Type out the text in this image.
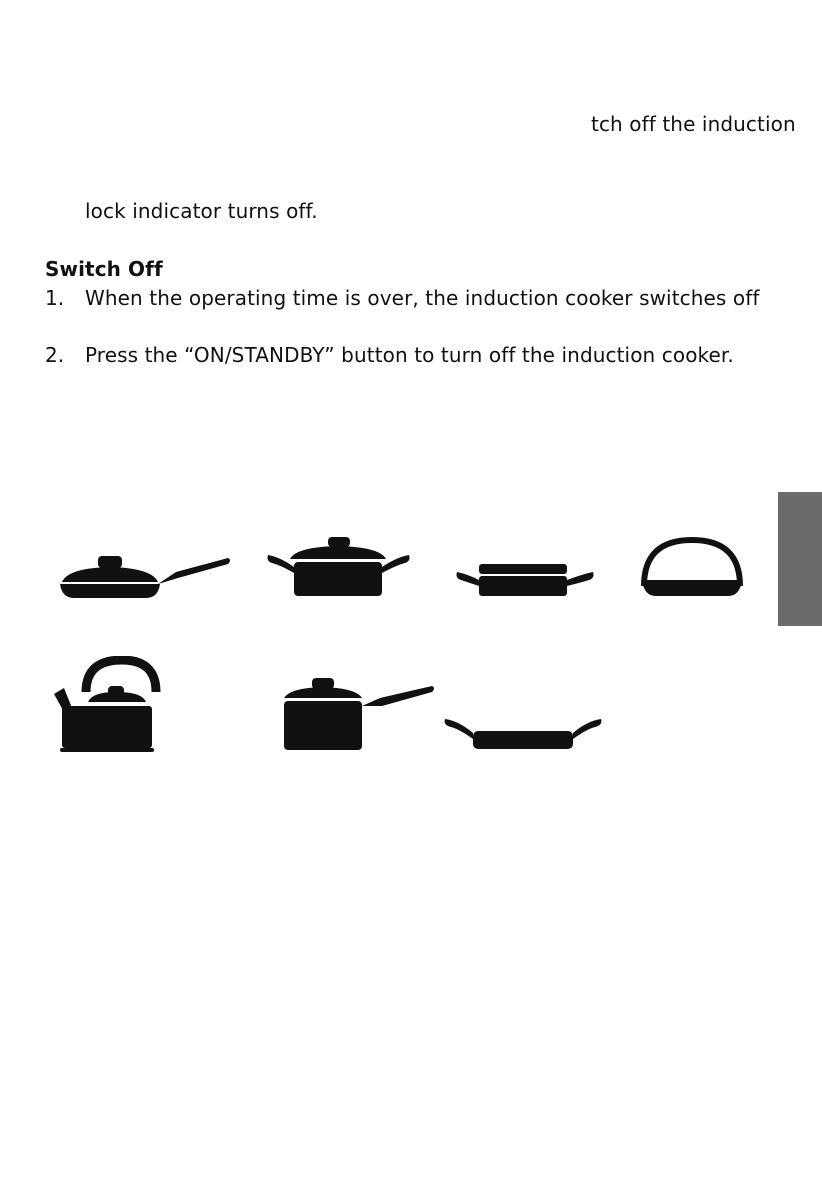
tch off the induction
lock indicator turns off.
Switch Off
1. When the operating time is over, the induction cooker switches off
2. Press the “ON/STANDBY” button to turn off the induction cooker.
